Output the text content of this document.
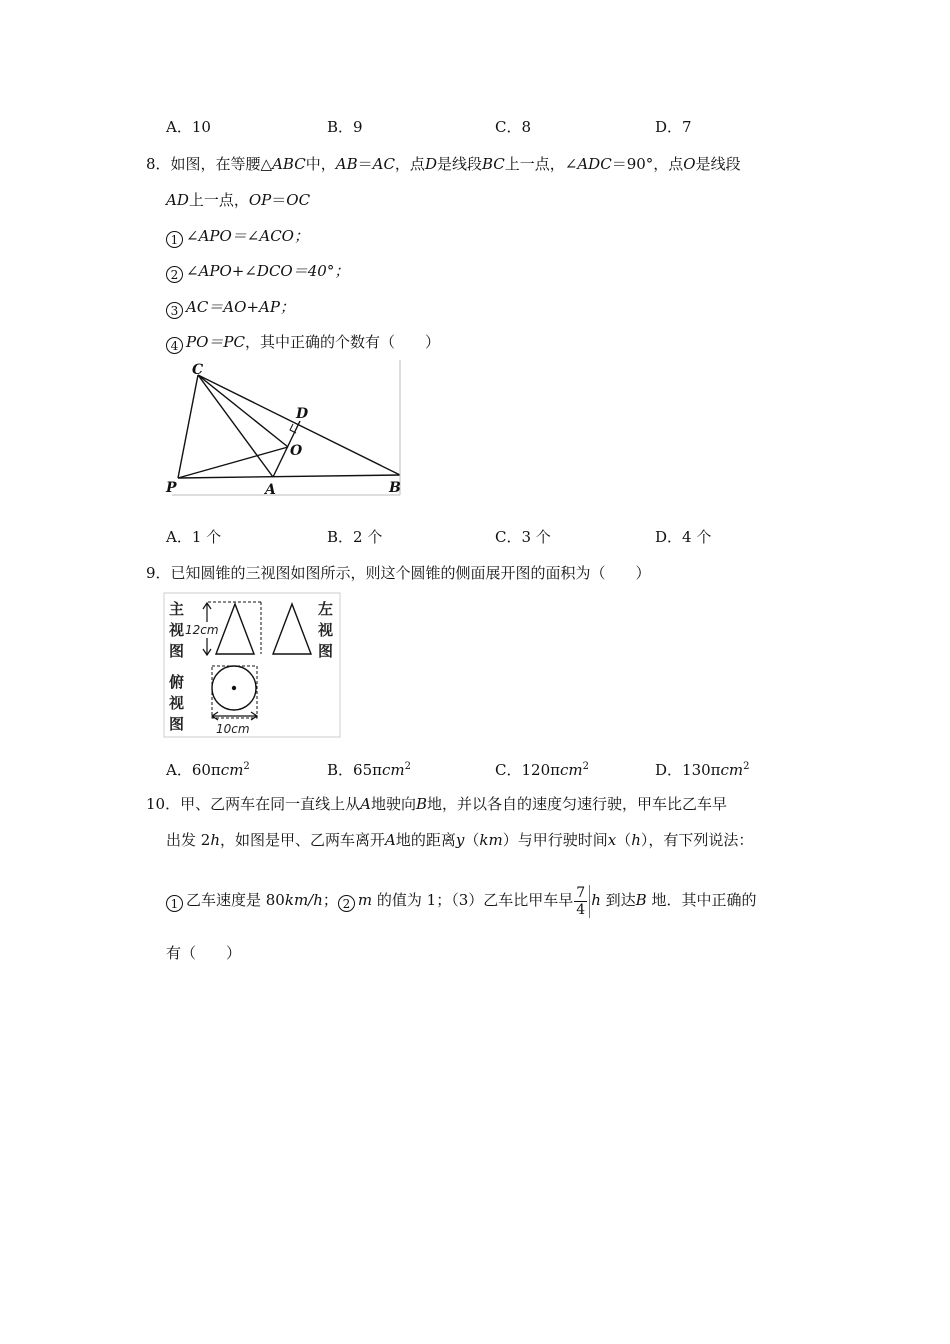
A．10	B．9	C．8	D．7
8．如图，在等腰△ABC中，AB＝AC，点D是线段BC上一点，∠ADC＝90°，点O是线段
AD上一点，OP＝OC
1 ∠APO＝∠ACO；
2 ∠APO+∠DCO＝40°；
3 AC＝AO+AP；
4 PO＝PC，其中正确的个数有（　　）
C
D
O
P	A	B
A．1 个	B．2 个	C．3 个	D．4 个
9．已知圆锥的三视图如图所示，则这个圆锥的侧面展开图的面积为（　　）
主
视
图
左
视
图
俯
视
图
12cm
10cm
A．60πcm$^2$	B．65πcm$^2$	C．120πcm$^2$	D．130πcm$^2$
10．甲、乙两车在同一直线上从A地驶向B地，并以各自的速度匀速行驶，甲车比乙车早
出发 2h，如图是甲、乙两车离开A地的距离y（km）与甲行驶时间x（h），有下列说法：
1 乙车速度是 80km/h； 2 m 的值为 1；（3）乙车比甲车早 $\frac{7}{4}$ h 到达B 地．其中正确的
有（　　）
